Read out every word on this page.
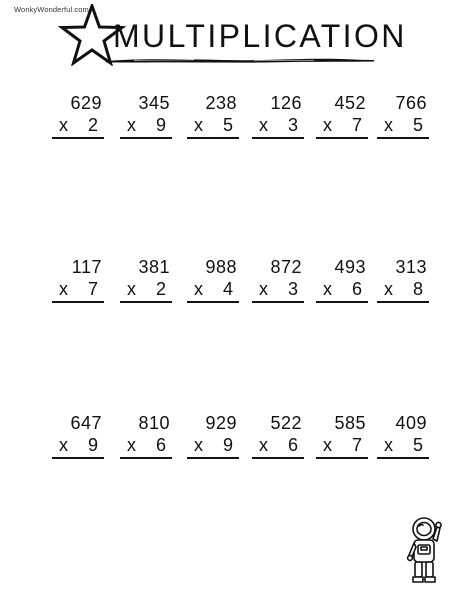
WonkyWonderful.com
MULTIPLICATION
629
x 2
345
x 9
238
x 5
126
x 3
452
x 7
766
x 5
117
x 7
381
x 2
988
x 4
872
x 3
493
x 6
313
x 8
647
x 9
810
x 6
929
x 9
522
x 6
585
x 7
409
x 5
